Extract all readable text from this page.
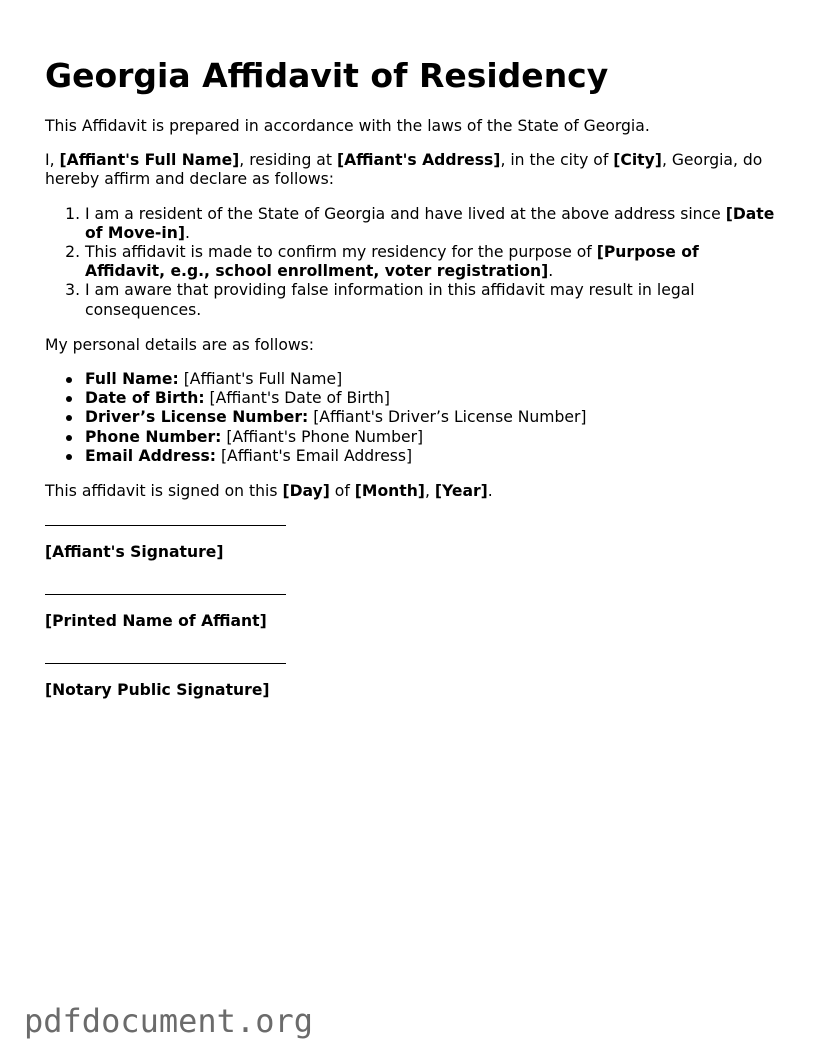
Georgia Affidavit of Residency

This Affidavit is prepared in accordance with the laws of the State of Georgia.

I, [Affiant's Full Name], residing at [Affiant's Address], in the city of [City], Georgia, do hereby affirm and declare as follows:

1. I am a resident of the State of Georgia and have lived at the above address since [Date of Move-in].
2. This affidavit is made to confirm my residency for the purpose of [Purpose of Affidavit, e.g., school enrollment, voter registration].
3. I am aware that providing false information in this affidavit may result in legal consequences.

My personal details are as follows:

Full Name: [Affiant's Full Name]
Date of Birth: [Affiant's Date of Birth]
Driver’s License Number: [Affiant's Driver’s License Number]
Phone Number: [Affiant's Phone Number]
Email Address: [Affiant's Email Address]

This affidavit is signed on this [Day] of [Month], [Year].

[Affiant's Signature]
[Printed Name of Affiant]
[Notary Public Signature]
pdfdocument.org
